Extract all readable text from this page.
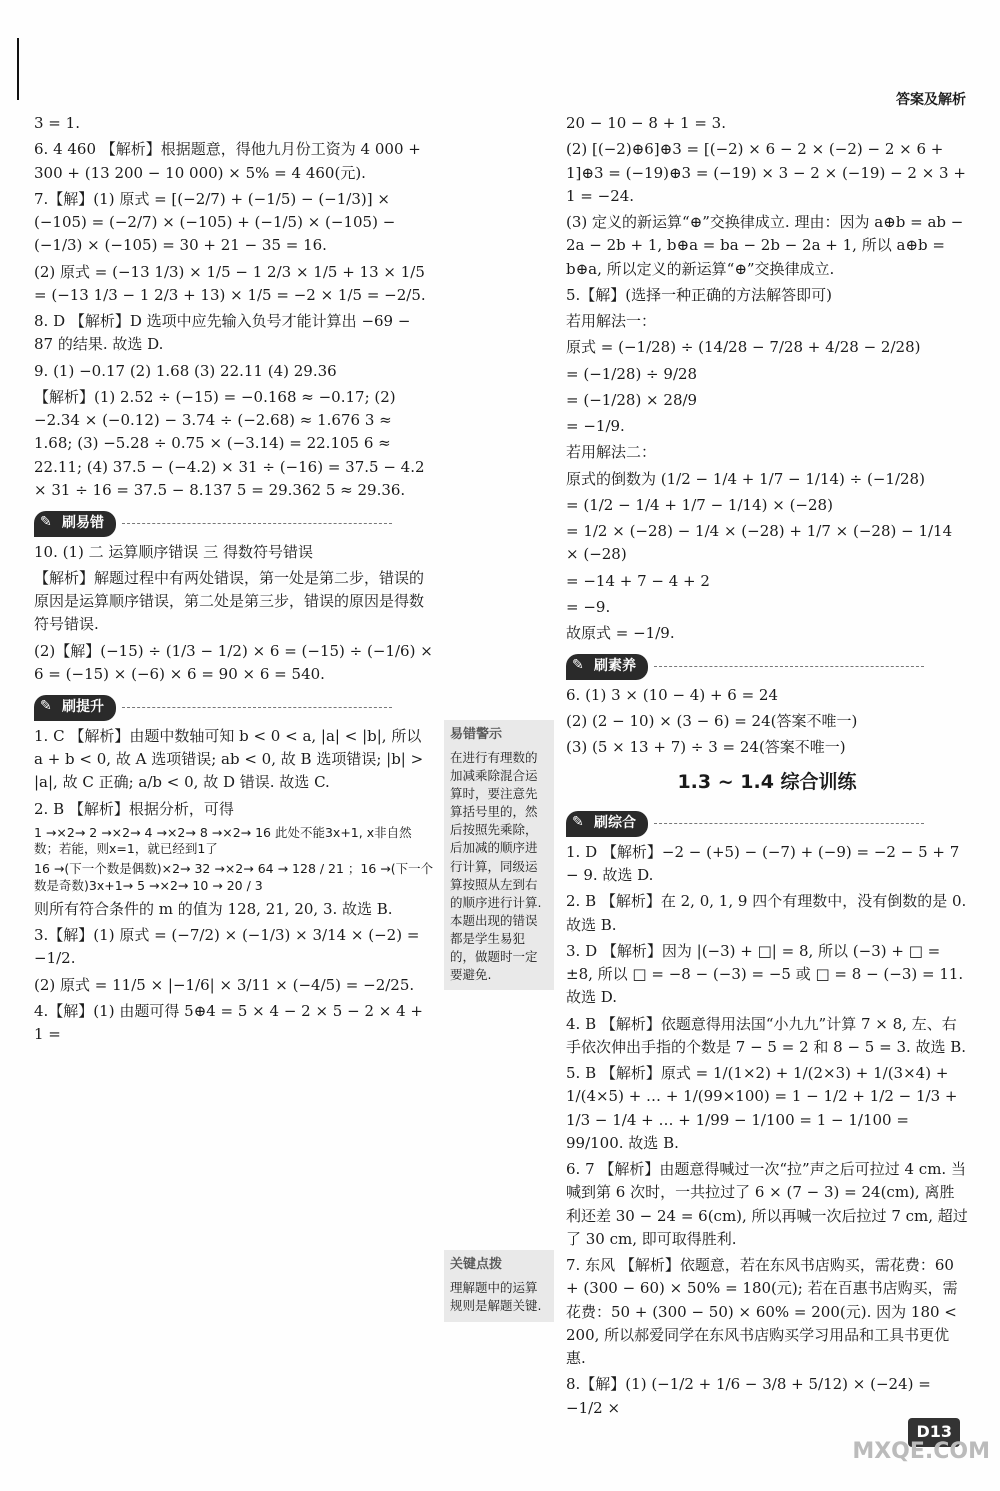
答案及解析

3 = 1.

6. 4 460 【解析】根据题意，得他九月份工资为 4 000 + 300 + (13 200 − 10 000) × 5% = 4 460(元).

7.【解】(1) 原式 = [(−2/7) + (−1/5) − (−1/3)] × (−105) = (−2/7) × (−105) + (−1/5) × (−105) − (−1/3) × (−105) = 30 + 21 − 35 = 16.

(2) 原式 = (−13 1/3) × 1/5 − 1 2/3 × 1/5 + 13 × 1/5 = (−13 1/3 − 1 2/3 + 13) × 1/5 = −2 × 1/5 = −2/5.

8. D 【解析】D 选项中应先输入负号才能计算出 −69 − 87 的结果. 故选 D.

9. (1) −0.17 (2) 1.68 (3) 22.11 (4) 29.36

【解析】(1) 2.52 ÷ (−15) = −0.168 ≈ −0.17; (2) −2.34 × (−0.12) − 3.74 ÷ (−2.68) ≈ 1.676 3 ≈ 1.68; (3) −5.28 ÷ 0.75 × (−3.14) = 22.105 6 ≈ 22.11; (4) 37.5 − (−4.2) × 31 ÷ (−16) = 37.5 − 4.2 × 31 ÷ 16 = 37.5 − 8.137 5 = 29.362 5 ≈ 29.36.

✎ 刷易错

10. (1) 二 运算顺序错误 三 得数符号错误

【解析】解题过程中有两处错误，第一处是第二步，错误的原因是运算顺序错误，第二处是第三步，错误的原因是得数符号错误.

(2)【解】(−15) ÷ (1/3 − 1/2) × 6 = (−15) ÷ (−1/6) × 6 = (−15) × (−6) × 6 = 90 × 6 = 540.

✎ 刷提升

1. C 【解析】由题中数轴可知 b < 0 < a, |a| < |b|, 所以 a + b < 0, 故 A 选项错误; ab < 0, 故 B 选项错误; |b| > |a|, 故 C 正确; a/b < 0, 故 D 错误. 故选 C.

2. B 【解析】根据分析，可得

1 →×2→ 2 →×2→ 4 →×2→ 8 →×2→ 16 此处不能3x+1, x非自然数；若能，则x=1，就已经到1了
16 →(下一个数是偶数)×2→ 32 →×2→ 64 → 128 / 21 ；16 →(下一个数是奇数)3x+1→ 5 →×2→ 10 → 20 / 3

则所有符合条件的 m 的值为 128, 21, 20, 3. 故选 B.

3.【解】(1) 原式 = (−7/2) × (−1/3) × 3/14 × (−2) = −1/2.

(2) 原式 = 11/5 × |−1/6| × 3/11 × (−4/5) = −2/25.

4.【解】(1) 由题可得 5⊕4 = 5 × 4 − 2 × 5 − 2 × 4 + 1 =

易错警示
在进行有理数的加减乘除混合运算时，要注意先算括号里的，然后按照先乘除，后加减的顺序进行计算，同级运算按照从左到右的顺序进行计算. 本题出现的错误都是学生易犯的，做题时一定要避免.
关键点拨
理解题中的运算规则是解题关键.

20 − 10 − 8 + 1 = 3.

(2) [(−2)⊕6]⊕3 = [(−2) × 6 − 2 × (−2) − 2 × 6 + 1]⊕3 = (−19)⊕3 = (−19) × 3 − 2 × (−19) − 2 × 3 + 1 = −24.

(3) 定义的新运算“⊕”交换律成立. 理由：因为 a⊕b = ab − 2a − 2b + 1, b⊕a = ba − 2b − 2a + 1, 所以 a⊕b = b⊕a, 所以定义的新运算“⊕”交换律成立.

5.【解】(选择一种正确的方法解答即可)

若用解法一：

原式 = (−1/28) ÷ (14/28 − 7/28 + 4/28 − 2/28)

= (−1/28) ÷ 9/28

= (−1/28) × 28/9

= −1/9.

若用解法二：

原式的倒数为 (1/2 − 1/4 + 1/7 − 1/14) ÷ (−1/28)

= (1/2 − 1/4 + 1/7 − 1/14) × (−28)

= 1/2 × (−28) − 1/4 × (−28) + 1/7 × (−28) − 1/14 × (−28)

= −14 + 7 − 4 + 2

= −9.

故原式 = −1/9.

✎ 刷素养

6. (1) 3 × (10 − 4) + 6 = 24

(2) (2 − 10) × (3 − 6) = 24(答案不唯一)

(3) (5 × 13 + 7) ÷ 3 = 24(答案不唯一)

1.3 ~ 1.4 综合训练
✎ 刷综合

1. D 【解析】−2 − (+5) − (−7) + (−9) = −2 − 5 + 7 − 9. 故选 D.

2. B 【解析】在 2, 0, 1, 9 四个有理数中，没有倒数的是 0. 故选 B.

3. D 【解析】因为 |(−3) + □| = 8, 所以 (−3) + □ = ±8, 所以 □ = −8 − (−3) = −5 或 □ = 8 − (−3) = 11. 故选 D.

4. B 【解析】依题意得用法国“小九九”计算 7 × 8, 左、右手依次伸出手指的个数是 7 − 5 = 2 和 8 − 5 = 3. 故选 B.

5. B 【解析】原式 = 1/(1×2) + 1/(2×3) + 1/(3×4) + 1/(4×5) + … + 1/(99×100) = 1 − 1/2 + 1/2 − 1/3 + 1/3 − 1/4 + … + 1/99 − 1/100 = 1 − 1/100 = 99/100. 故选 B.

6. 7 【解析】由题意得喊过一次“拉”声之后可拉过 4 cm. 当喊到第 6 次时，一共拉过了 6 × (7 − 3) = 24(cm), 离胜利还差 30 − 24 = 6(cm), 所以再喊一次后拉过 7 cm, 超过了 30 cm, 即可取得胜利.

7. 东风 【解析】依题意，若在东风书店购买，需花费：60 + (300 − 60) × 50% = 180(元); 若在百惠书店购买，需花费：50 + (300 − 50) × 60% = 200(元). 因为 180 < 200, 所以郝爱同学在东风书店购买学习用品和工具书更优惠.

8.【解】(1) (−1/2 + 1/6 − 3/8 + 5/12) × (−24) = −1/2 ×

D13
MXQE.COM
